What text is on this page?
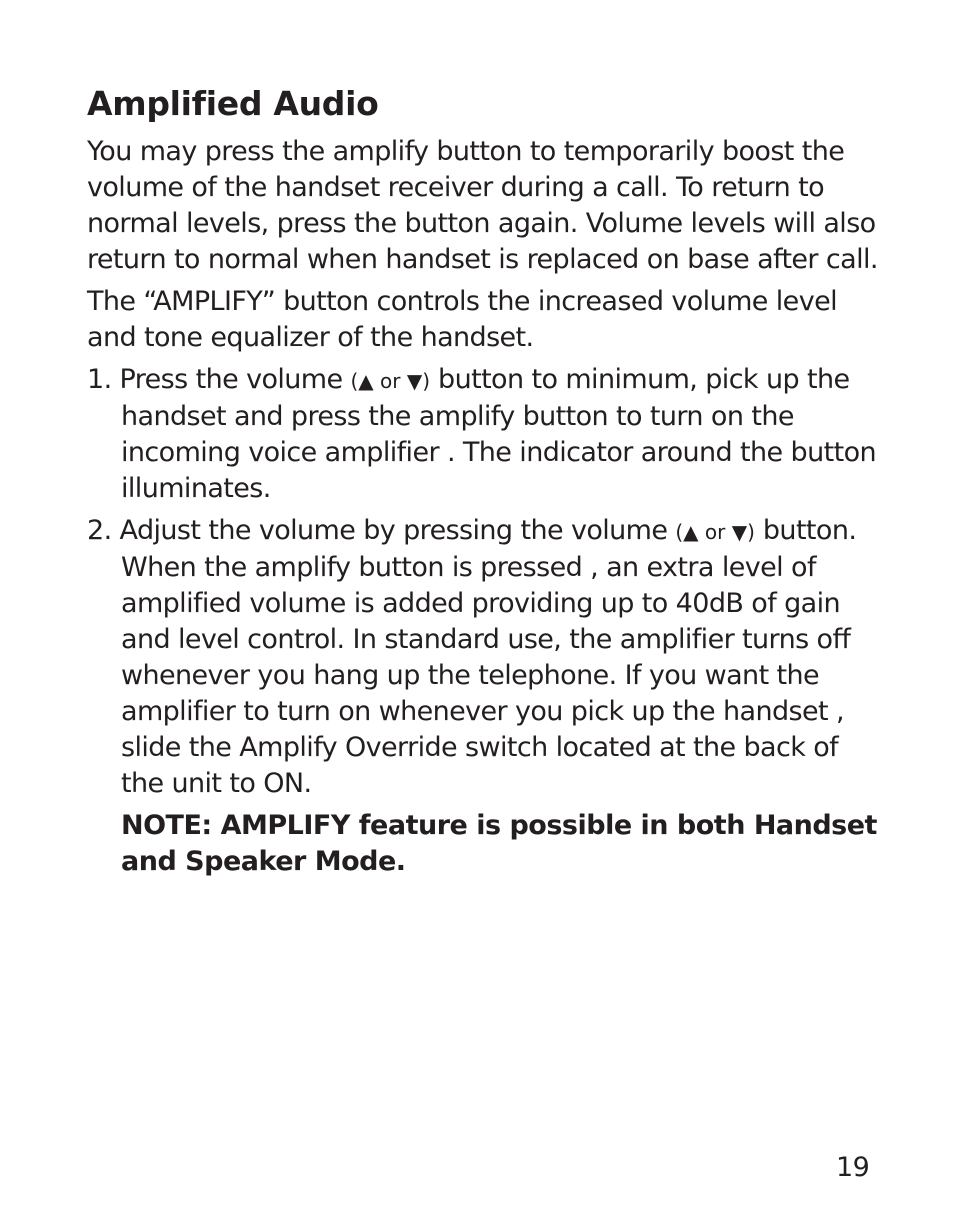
Amplified Audio

You may press the amplify button to temporarily boost the volume of the handset receiver during a call. To return to normal levels, press the button again. Volume levels will also return to normal when handset is replaced on base after call.

The “AMPLIFY” button controls the increased volume level and tone equalizer of the handset.

1. Press the volume (▲ or ▼) button to minimum, pick up the handset and press the amplify button to turn on the incoming voice amplifier . The indicator around the button illuminates.
2. Adjust the volume by pressing the volume (▲ or ▼) button. When the amplify button is pressed , an extra level of amplified volume is added providing up to 40dB of gain and level control. In standard use, the amplifier turns off whenever you hang up the telephone. If you want the amplifier to turn on whenever you pick up the handset , slide the Amplify Override switch located at the back of the unit to ON.
NOTE: AMPLIFY feature is possible in both Handset and Speaker Mode.
19
